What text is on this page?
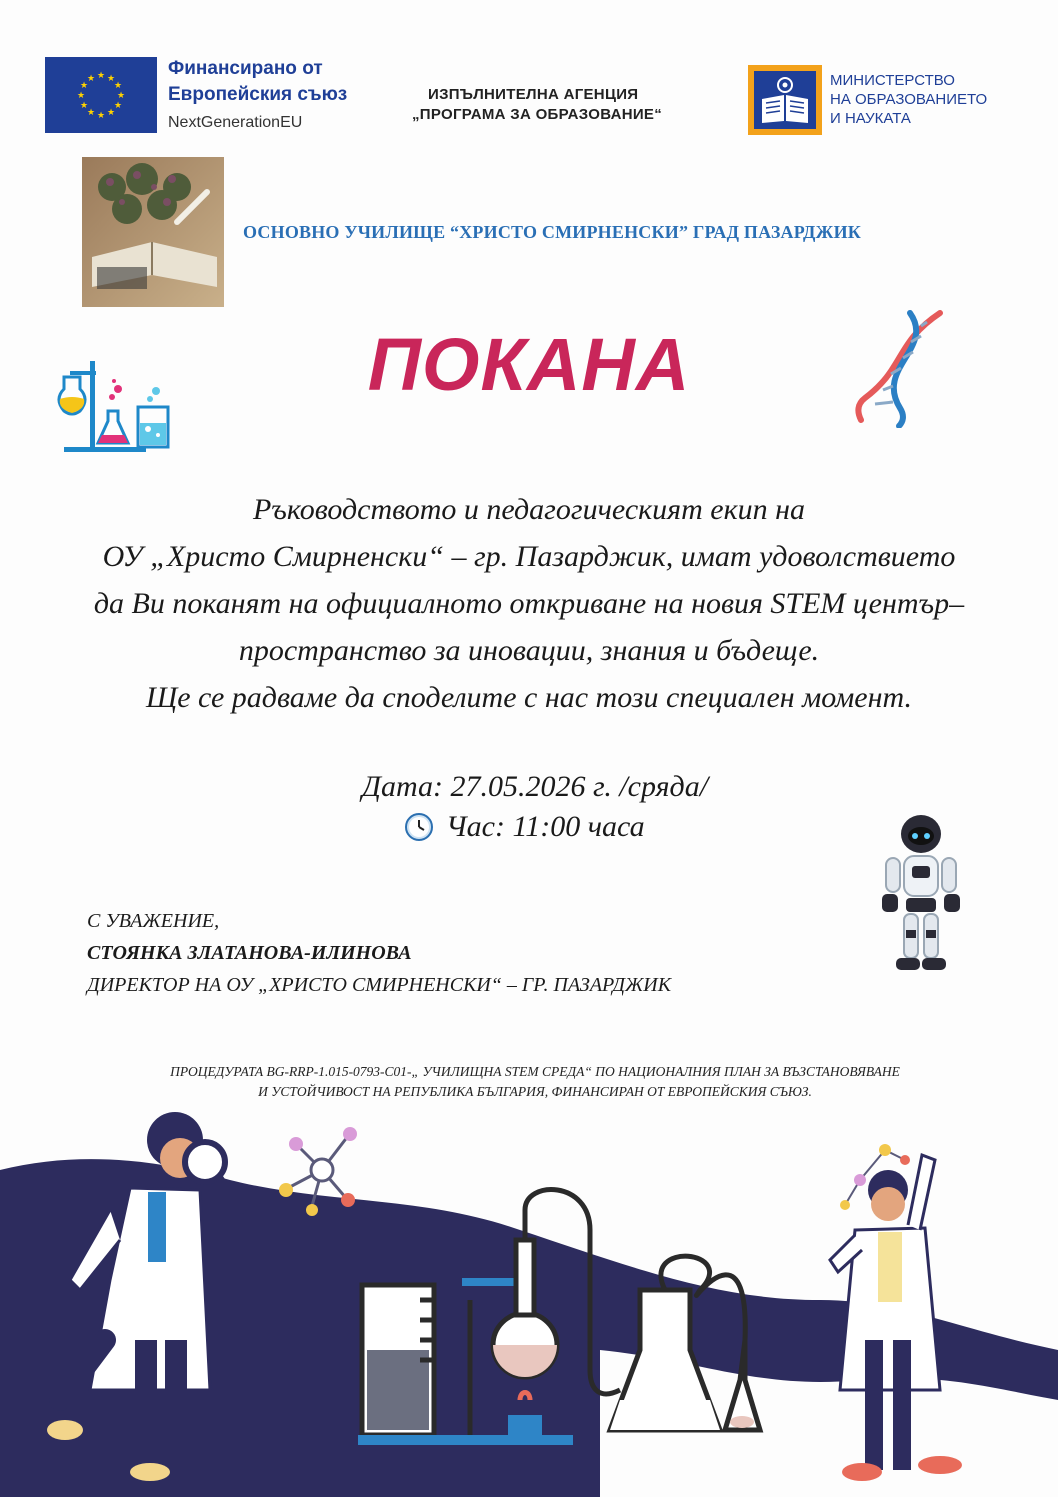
★ ★
★
★
★
★
★
★
★
★
★
★	Финансирано от
Европейския съюз
NextGenerationEU
ИЗПЪЛНИТЕЛНА АГЕНЦИЯ
„ПРОГРАМА ЗА ОБРАЗОВАНИЕ“
МИНИСТЕРСТВО
НА ОБРАЗОВАНИЕТО
И НАУКАТА
ОСНОВНО УЧИЛИЩЕ “ХРИСТО СМИРНЕНСКИ” ГРАД ПАЗАРДЖИК
ПОКАНА
Ръководството и педагогическият екип на
ОУ „Христо Смирненски“ – гр. Пазарджик, имат удоволствието
да Ви поканят на официалното откриване на новия STEM център–
пространство за иновации, знания и бъдеще.
Ще се радваме да споделите с нас този специален момент.
Дата: 27.05.2026 г. /сряда/
Час: 11:00 часа
С УВАЖЕНИЕ,
СТОЯНКА ЗЛАТАНОВА-ИЛИНОВА
ДИРЕКТОР НА ОУ „ХРИСТО СМИРНЕНСКИ“ – ГР. ПАЗАРДЖИК
ПРОЦЕДУРАТА BG-RRP-1.015-0793-C01-„ УЧИЛИЩНА STEM СРЕДА“ ПО НАЦИОНАЛНИЯ ПЛАН ЗА ВЪЗСТАНОВЯВАНЕ
И УСТОЙЧИВОСТ НА РЕПУБЛИКА БЪЛГАРИЯ, ФИНАНСИРАН ОТ ЕВРОПЕЙСКИЯ СЪЮЗ.
